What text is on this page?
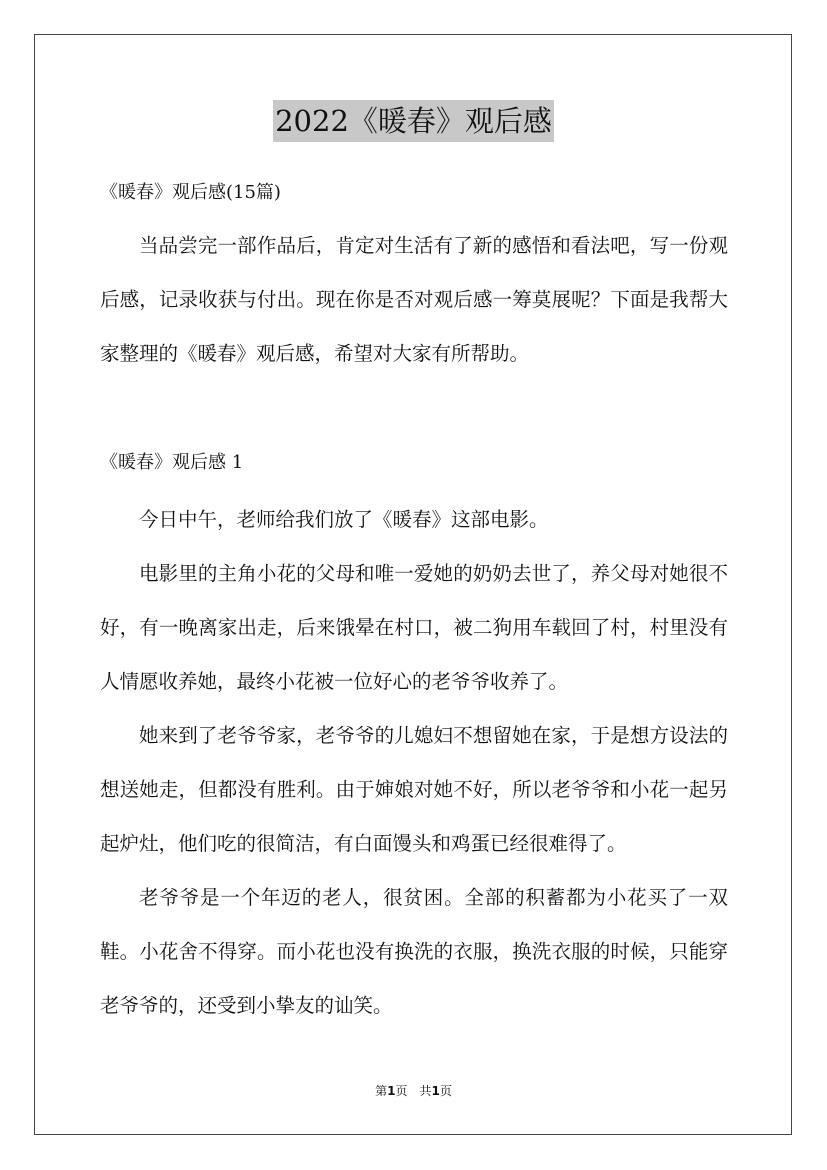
2022《暖春》观后感
《暖春》观后感(15篇)

当品尝完一部作品后，肯定对生活有了新的感悟和看法吧，写一份观后感，记录收获与付出。现在你是否对观后感一筹莫展呢？下面是我帮大家整理的《暖春》观后感，希望对大家有所帮助。

《暖春》观后感 1

今日中午，老师给我们放了《暖春》这部电影。

电影里的主角小花的父母和唯一爱她的奶奶去世了，养父母对她很不好，有一晚离家出走，后来饿晕在村口，被二狗用车载回了村，村里没有人情愿收养她，最终小花被一位好心的老爷爷收养了。

她来到了老爷爷家，老爷爷的儿媳妇不想留她在家，于是想方设法的想送她走，但都没有胜利。由于婶娘对她不好，所以老爷爷和小花一起另起炉灶，他们吃的很简洁，有白面馒头和鸡蛋已经很难得了。

老爷爷是一个年迈的老人，很贫困。全部的积蓄都为小花买了一双鞋。小花舍不得穿。而小花也没有换洗的衣服，换洗衣服的时候，只能穿老爷爷的，还受到小挚友的讪笑。

第1页　共1页
